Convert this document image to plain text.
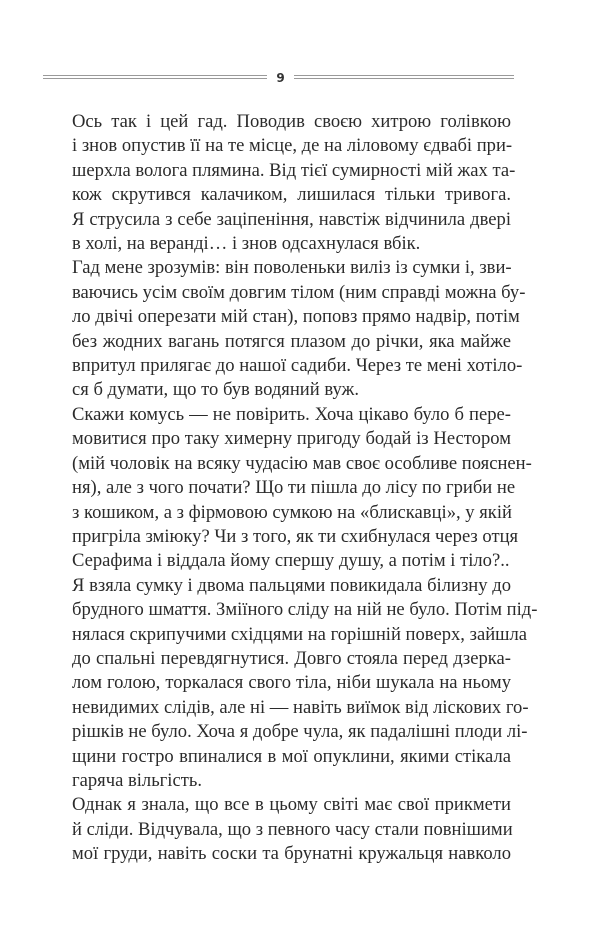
9

Ось так і цей гад. Поводив своєю хитрою голівкою
і знов опустив її на те місце, де на ліловому єдвабі при-
шерхла волога плямина. Від тієї сумирності мій жах та-
кож скрутився калачиком, лишилася тільки тривога.
Я струсила з себе заціпеніння, навстіж відчинила двері
в холі, на веранді… і знов одсахнулася вбік.

Гад мене зрозумів: він поволеньки виліз із сумки і, зви-
ваючись усім своїм довгим тілом (ним справді можна бу-
ло двічі оперезати мій стан), поповз прямо надвір, потім
без жодних вагань потягся плазом до річки, яка майже
впритул прилягає до нашої садиби. Через те мені хотіло-
ся б думати, що то був водяний вуж.

Скажи комусь — не повірить. Хоча цікаво було б пере-
мовитися про таку химерну пригоду бодай із Нестором
(мій чоловік на всяку чудасію мав своє особливе пояснен-
ня), але з чого почати? Що ти пішла до лісу по гриби не
з кошиком, а з фірмовою сумкою на «блискавці», у якій
пригріла змію​ку? Чи з того, як ти схибнулася через отця
Серафима і віддала йому спершу душу, а потім і тіло?..

Я взяла сумку і двома пальцями повикидала білизну до
брудного шмаття. Зміїного сліду на ній не було. Потім під-
нялася скрипучими східцями на горішній поверх, зайшла
до спальні перевдягнутися. Довго стояла перед дзерка-
лом голою, торкалася свого тіла, ніби шукала на ньому
невидимих слідів, але ні — навіть виїмок від лiскових го-
рішків не було. Хоча я добре чула, як падалішні плоди лі-
щини гостро впиналися в мої опуклини, якими стікала
гаряча вільгість.

Однак я знала, що все в цьому світі має свої прикмети
й сліди. Відчувала, що з певного часу стали повнішими
мої груди, навіть соски та брунатні кружальця навколо
